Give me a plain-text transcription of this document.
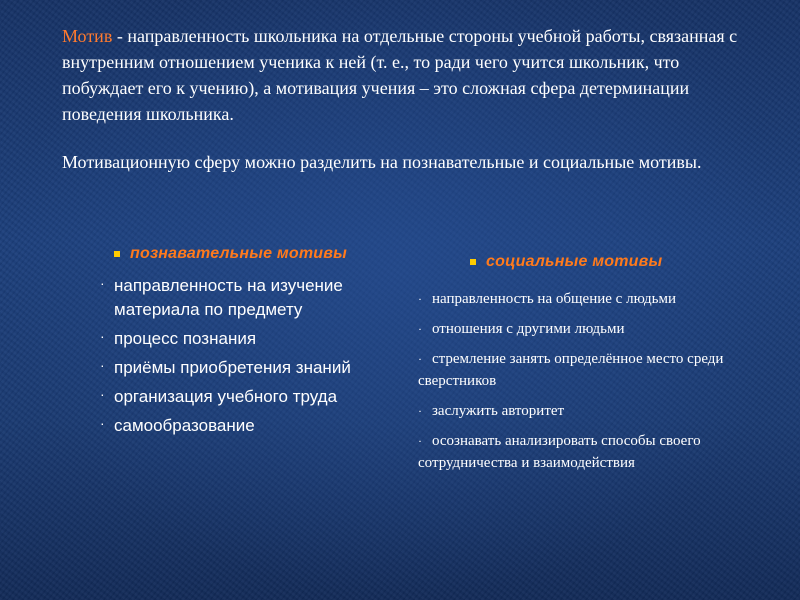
Мотив - направленность школьника на отдельные стороны учебной работы, связанная с внутренним отношением ученика к ней (т. е., то ради чего учится школьник, что побуждает его к учению), а мотивация учения – это сложная сфера детерминации поведения школьника.

Мотивационную сферу можно разделить на познавательные и социальные мотивы.

познавательные мотивы
· направленность на изучение материала по предмету
· процесс познания
· приёмы приобретения знаний
· организация учебного труда
· самообразование
социальные мотивы
· направленность на общение с людьми
· отношения с другими людьми
· стремление занять определённое место среди сверстников
· заслужить авторитет
· осознавать анализировать способы своего сотрудничества и взаимодействия
